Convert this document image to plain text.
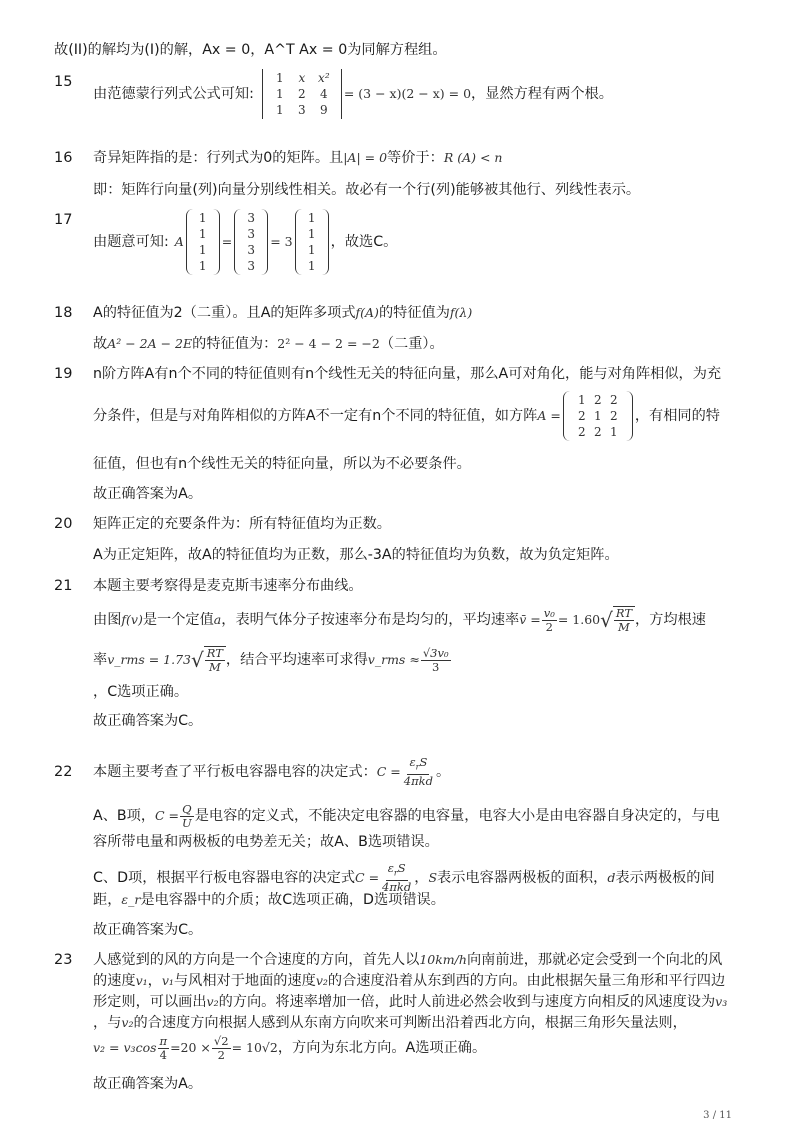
故(II)的解均为(I)的解，Ax = 0，A^T Ax = 0为同解方程组。
15
由范德蒙行列式公式可知:
1	x	x²
1	2	4
1	3	9
= (3 − x)(2 − x) = 0 ，显然方程有两个根。
16 奇异矩阵指的是：行列式为0的矩阵。且|A| = 0等价于：R (A) < n
即：矩阵行向量(列)向量分别线性相关。故必有一个行(列)能够被其他行、列线性表示。
17
由题意可知: A
1
1
1
1
=
3
3
3
3
= 3
1
1
1
1
，故选C。
18 A的特征值为2（二重）。且A的矩阵多项式f(A)的特征值为f(λ)
故A² − 2A − 2E的特征值为：2² − 4 − 2 = −2（二重）。
19 n阶方阵A有n个不同的特征值则有n个线性无关的特征向量，那么A可对角化，能与对角阵相似，为充
分条件，但是与对角阵相似的方阵A不一定有n个不同的特征值，如方阵 A =
1 2 2
2 1 2
2 2 1
，有相同的特
征值，但也有n个线性无关的特征向量，所以为不必要条件。
故正确答案为A。
20 矩阵正定的充要条件为：所有特征值均为正数。
A为正定矩阵，故A的特征值均为正数，那么-3A的特征值均为负数，故为负定矩阵。
21 本题主要考察得是麦克斯韦速率分布曲线。
由图 f(v) 是一个定值 a ，表明气体分子按速率分布是均匀的，平均速率 v̄ = $\frac{\text{v₀}}{2} = 1.60$ √ $\frac{RT}{M}$ ，方均根速
率 v_rms = 1.73 √ $\frac{RT}{M}$ ，结合平均速率可求得 v_rms ≈ $\frac{\text{√3v₀}}{3}$
，C选项正确。
故正确答案为C。
22 本题主要考查了平行板电容器电容的决定式： $C = \frac{\varepsilon_rS}{\text{4πkd}}$ 。
A、B项， $C = \frac{Q}{U}$ 是电容的定义式，不能决定电容器的电容量，电容大小是由电容器自身决定的，与电
容所带电量和两极板的电势差无关；故A、B选项错误。
C、D项，根据平行板电容器电容的决定式 $C = \frac{\varepsilon_rS}{\text{4πkd}}$ ， S 表示电容器两极板的面积， d 表示两极板的间
距，ε_r是电容器中的介质；故C选项正确，D选项错误。
故正确答案为C。
23 人感觉到的风的方向是一个合速度的方向，首先人以10km/h向南前进，那就必定会受到一个向北的风
的速度v₁，v₁与风相对于地面的速度v₂的合速度沿着从东到西的方向。由此根据矢量三角形和平行四边
形定则，可以画出v₂的方向。将速率增加一倍，此时人前进必然会收到与速度方向相反的风速度设为v₃
，与v₂的合速度方向根据人感到从东南方向吹来可判断出沿着西北方向，根据三角形矢量法则，
$v_2 = v_3\cos \frac{\pi}{4} =20 \times \frac{√2}{2} = 10√2$ ，方向为东北方向。A选项正确。
故正确答案为A。
3 / 11
